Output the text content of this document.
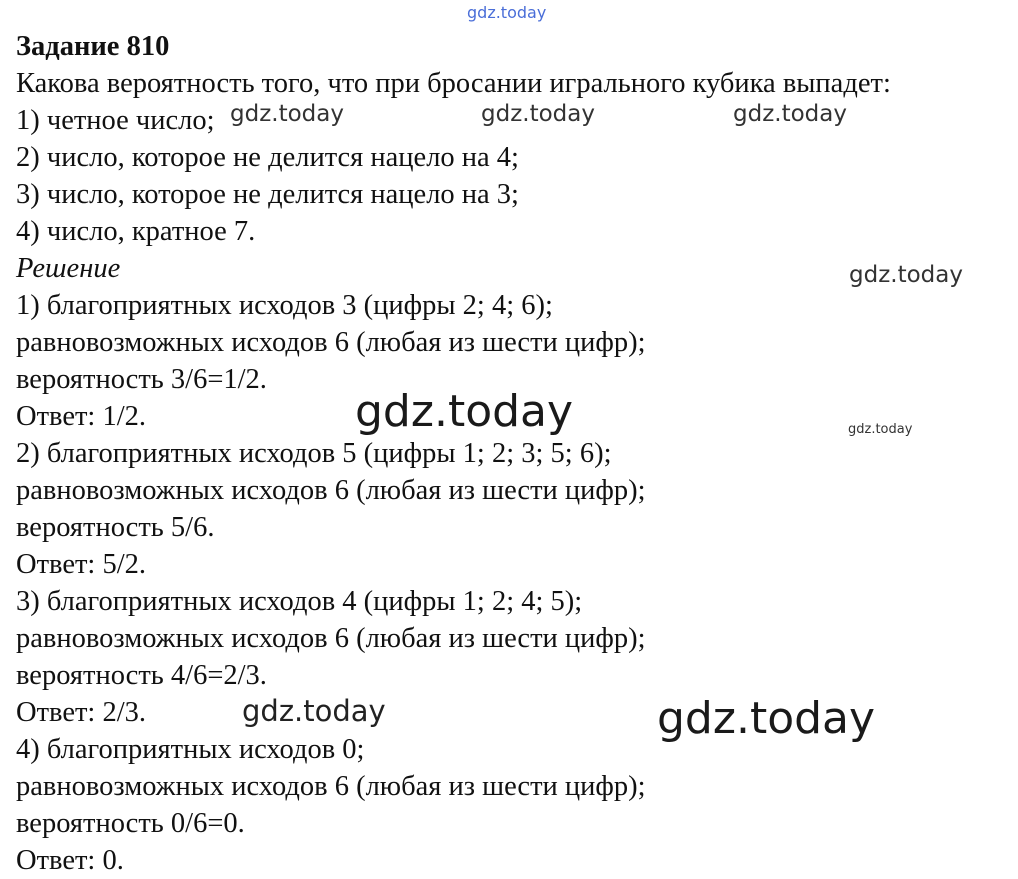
gdz.today
gdz.today	gdz.today	gdz.today
gdz.today
gdz.today	gdz.today
gdz.today	gdz.today
Задание 810
Какова вероятность того, что при бросании игрального кубика выпадет:
1) четное число;
2) число, которое не делится нацело на 4;
3) число, которое не делится нацело на 3;
4) число, кратное 7.
Решение
1) благоприятных исходов 3 (цифры 2; 4; 6);
равновозможных исходов 6 (любая из шести цифр);
вероятность 3/6=1/2.
Ответ: 1/2.
2) благоприятных исходов 5 (цифры 1; 2; 3; 5; 6);
равновозможных исходов 6 (любая из шести цифр);
вероятность 5/6.
Ответ: 5/2.
3) благоприятных исходов 4 (цифры 1; 2; 4; 5);
равновозможных исходов 6 (любая из шести цифр);
вероятность 4/6=2/3.
Ответ: 2/3.
4) благоприятных исходов 0;
равновозможных исходов 6 (любая из шести цифр);
вероятность 0/6=0.
Ответ: 0.
